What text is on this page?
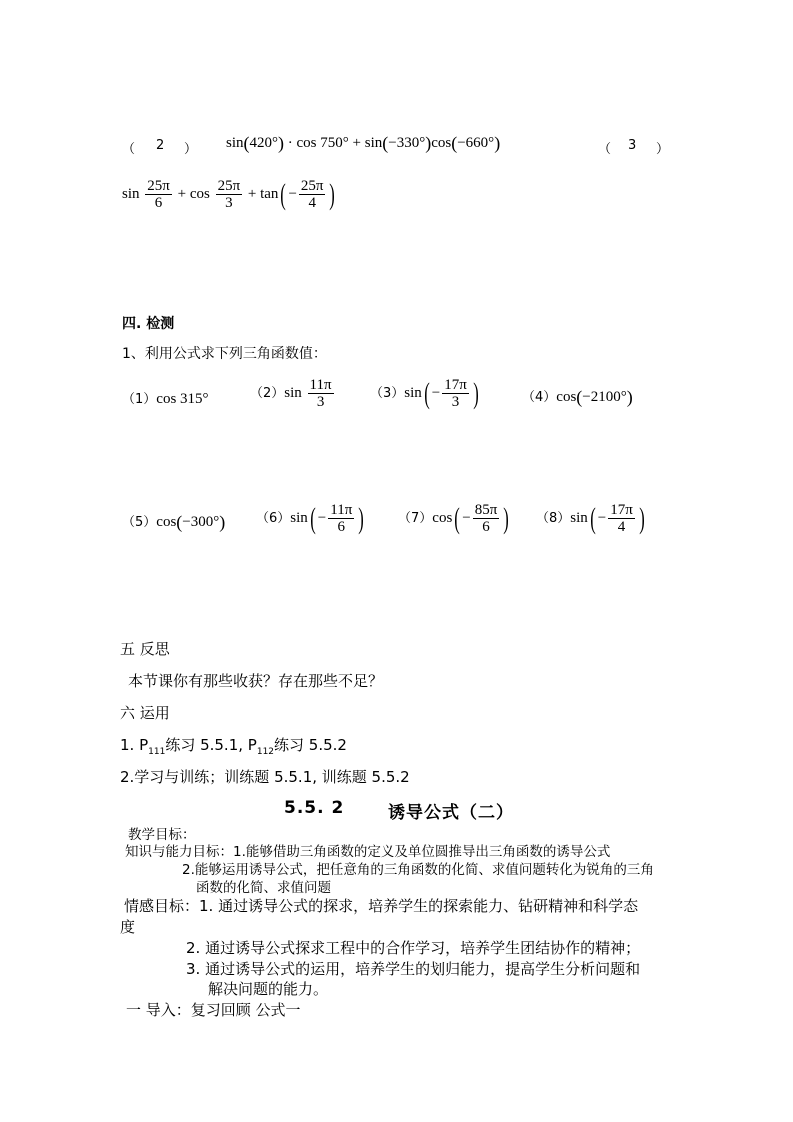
（ 2 ） sin(420°) · cos 750° + sin(−330°)cos(−660°)	（ 3 ）
$\sin \frac{25\pi}{6} + \cos \frac{25\pi}{3} + \tan( - \frac{25\pi}{4}$ )
四. 检测
1、利用公式求下列三角函数值：
（1）cos 315°	$(2)\sin \frac{11\pi}{3}$	$(3)\sin( - \frac{17\pi}{3}$ )	（4）cos(−2100°)
（5）cos(−300°) $(6)\sin( - \frac{11\pi}{6}$ )	$(7)\cos( - \frac{85\pi}{6}$ ) $(8)\sin( - \frac{17\pi}{4}$ )
五 反思
本节课你有那些收获？存在那些不足？
六 运用
1. $P_{111}$练习 5.5.1, $P_{112}$练习 5.5.2
2.学习与训练；训练题 5.5.1, 训练题 5.5.2
5.5. 2	诱导公式（二）
教学目标：
知识与能力目标：1.能够借助三角函数的定义及单位圆推导出三角函数的诱导公式
2.能够运用诱导公式，把任意角的三角函数的化简、求值问题转化为锐角的三角
函数的化简、求值问题
情感目标：1. 通过诱导公式的探求，培养学生的探索能力、钻研精神和科学态
度
2. 通过诱导公式探求工程中的合作学习，培养学生团结协作的精神；
3. 通过诱导公式的运用，培养学生的划归能力，提高学生分析问题和
解决问题的能力。
一 导入：复习回顾 公式一
